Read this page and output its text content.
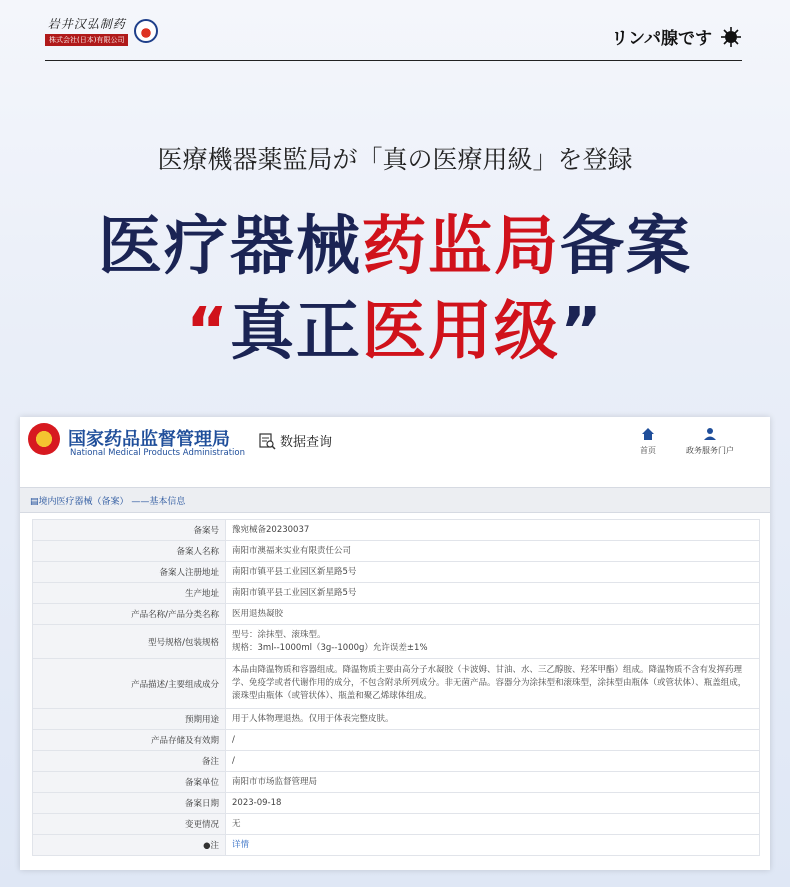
岩井汉弘制药
株式会社(日本)有限公司	リンパ腺です
医療機器薬監局が「真の医療用級」を登録
医疗器械药监局备案
“真正医用级”
国家药品监督管理局
National Medical Products Administration
数据查询
首页	政务服务门户
▤境内医疗器械（备案） ——基本信息
备案号	豫宛械备20230037
备案人名称	南阳市澳福来实业有限责任公司
备案人注册地址	南阳市镇平县工业园区新星路5号
生产地址	南阳市镇平县工业园区新星路5号
产品名称/产品分类名称	医用退热凝胶
型号规格/包装规格	型号：涂抹型、滚珠型。
规格：3ml--1000ml（3g--1000g）允许误差±1%

产品描述/主要组成成分	本品由降温物质和容器组成。降温物质主要由高分子水凝胶（卡波姆、甘油、水、三乙醇胺、羟苯甲酯）组成。降温物质不含有发挥药理学、免疫学或者代谢作用的成分，不包含附录所列成分。非无菌产品。容器分为涂抹型和滚珠型，涂抹型由瓶体（或管状体）、瓶盖组成，滚珠型由瓶体（或管状体）、瓶盖和聚乙烯球体组成。
预期用途	用于人体物理退热。仅用于体表完整皮肤。
产品存储及有效期	/
备注	/
备案单位	南阳市市场监督管理局
备案日期	2023-09-18
变更情况	无
●注	详情
